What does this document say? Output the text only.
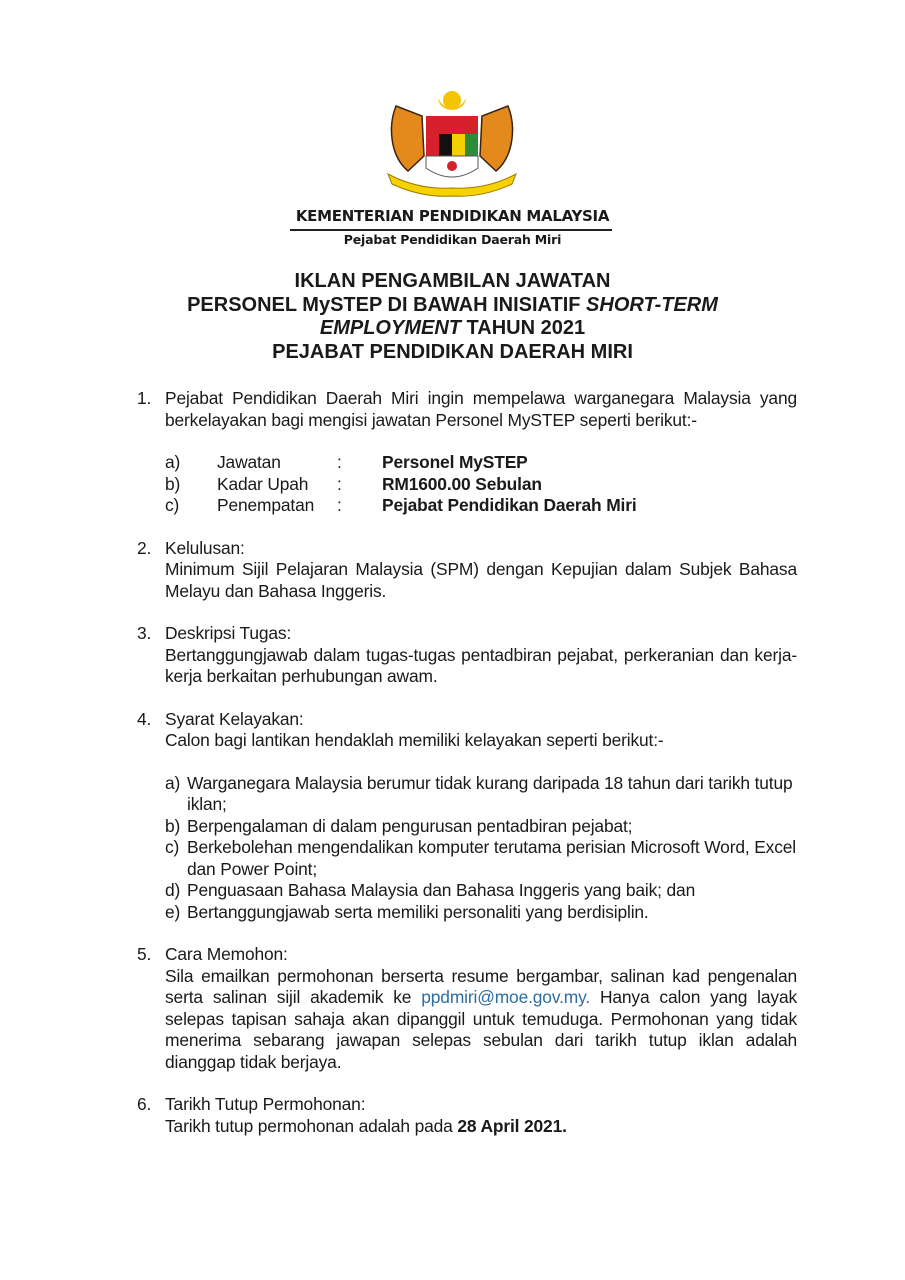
KEMENTERIAN PENDIDIKAN MALAYSIA
Pejabat Pendidikan Daerah Miri
IKLAN PENGAMBILAN JAWATAN
PERSONEL MySTEP DI BAWAH INISIATIF SHORT-TERM
EMPLOYMENT TAHUN 2021
PEJABAT PENDIDIKAN DAERAH MIRI
1. Pejabat Pendidikan Daerah Miri ingin mempelawa warganegara Malaysia yang berkelayakan bagi mengisi jawatan Personel MySTEP seperti berikut:-
a)	Jawatan	:	Personel MySTEP
b)	Kadar Upah	:	RM1600.00 Sebulan
c)	Penempatan	:	Pejabat Pendidikan Daerah Miri
2. Kelulusan:
Minimum Sijil Pelajaran Malaysia (SPM) dengan Kepujian dalam Subjek Bahasa Melayu dan Bahasa Inggeris.
3. Deskripsi Tugas:
Bertanggungjawab dalam tugas-tugas pentadbiran pejabat, perkeranian dan kerja-kerja berkaitan perhubungan awam.
4. Syarat Kelayakan:
Calon bagi lantikan hendaklah memiliki kelayakan seperti berikut:-
a) Warganegara Malaysia berumur tidak kurang daripada 18 tahun dari tarikh tutup iklan;
b) Berpengalaman di dalam pengurusan pentadbiran pejabat;
c) Berkebolehan mengendalikan komputer terutama perisian Microsoft Word, Excel dan Power Point;
d) Penguasaan Bahasa Malaysia dan Bahasa Inggeris yang baik; dan
e) Bertanggungjawab serta memiliki personaliti yang berdisiplin.
5. Cara Memohon:
Sila emailkan permohonan berserta resume bergambar, salinan kad pengenalan serta salinan sijil akademik ke ppdmiri@moe.gov.my. Hanya calon yang layak selepas tapisan sahaja akan dipanggil untuk temuduga. Permohonan yang tidak menerima sebarang jawapan selepas sebulan dari tarikh tutup iklan adalah dianggap tidak berjaya.
6. Tarikh Tutup Permohonan:
Tarikh tutup permohonan adalah pada 28 April 2021.
